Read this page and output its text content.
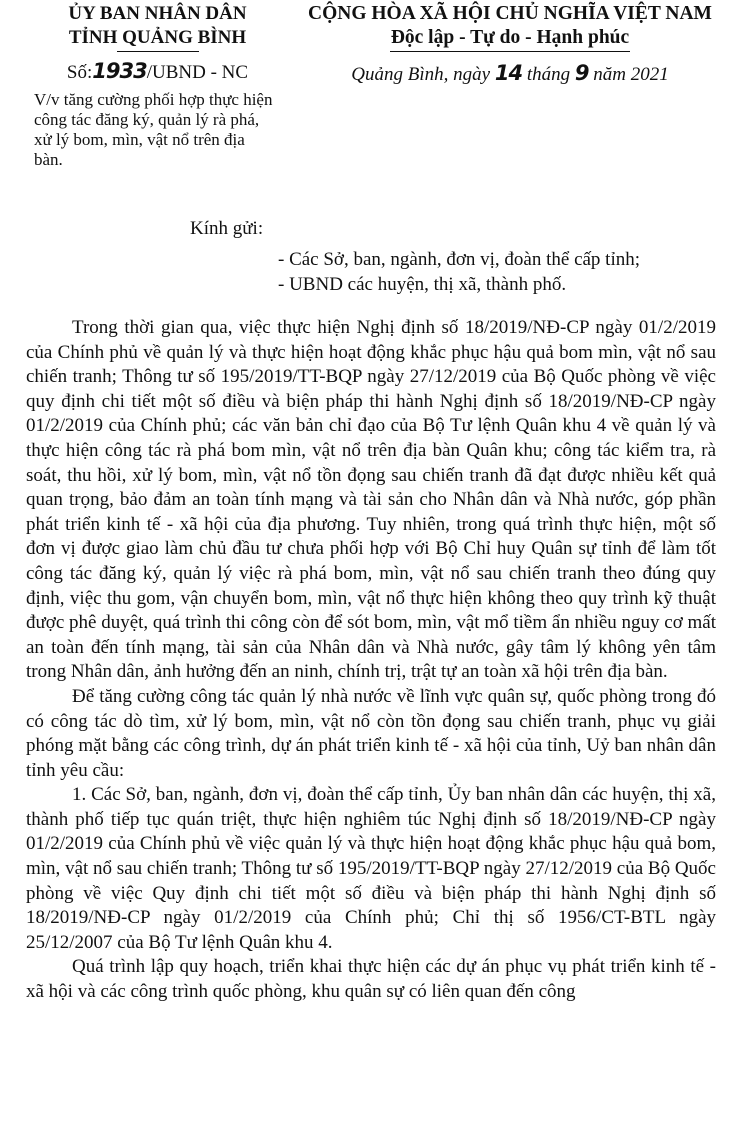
ỦY BAN NHÂN DÂN

TỈNH QUẢNG BÌNH

Số:1933/UBND - NC

V/v tăng cường phối hợp thực hiện công tác đăng ký, quản lý rà phá, xử lý bom, mìn, vật nổ trên địa bàn.

CỘNG HÒA XÃ HỘI CHỦ NGHĨA VIỆT NAM

Độc lập - Tự do - Hạnh phúc

Quảng Bình, ngày 14 tháng 9 năm 2021

Kính gửi:
- Các Sở, ban, ngành, đơn vị, đoàn thể cấp tỉnh;
- UBND các huyện, thị xã, thành phố.

Trong thời gian qua, việc thực hiện Nghị định số 18/2019/NĐ-CP ngày 01/2/2019 của Chính phủ về quản lý và thực hiện hoạt động khắc phục hậu quả bom mìn, vật nổ sau chiến tranh; Thông tư số 195/2019/TT-BQP ngày 27/12/2019 của Bộ Quốc phòng về việc quy định chi tiết một số điều và biện pháp thi hành Nghị định số 18/2019/NĐ-CP ngày 01/2/2019 của Chính phủ; các văn bản chỉ đạo của Bộ Tư lệnh Quân khu 4 về quản lý và thực hiện công tác rà phá bom mìn, vật nổ trên địa bàn Quân khu; công tác kiểm tra, rà soát, thu hồi, xử lý bom, mìn, vật nổ tồn đọng sau chiến tranh đã đạt được nhiều kết quả quan trọng, bảo đảm an toàn tính mạng và tài sản cho Nhân dân và Nhà nước, góp phần phát triển kinh tế - xã hội của địa phương. Tuy nhiên, trong quá trình thực hiện, một số đơn vị được giao làm chủ đầu tư chưa phối hợp với Bộ Chỉ huy Quân sự tỉnh để làm tốt công tác đăng ký, quản lý việc rà phá bom, mìn, vật nổ sau chiến tranh theo đúng quy định, việc thu gom, vận chuyển bom, mìn, vật nổ thực hiện không theo quy trình kỹ thuật được phê duyệt, quá trình thi công còn để sót bom, mìn, vật mổ tiềm ẩn nhiều nguy cơ mất an toàn đến tính mạng, tài sản của Nhân dân và Nhà nước, gây tâm lý không yên tâm trong Nhân dân, ảnh hưởng đến an ninh, chính trị, trật tự an toàn xã hội trên địa bàn.

Để tăng cường công tác quản lý nhà nước về lĩnh vực quân sự, quốc phòng trong đó có công tác dò tìm, xử lý bom, mìn, vật nổ còn tồn đọng sau chiến tranh, phục vụ giải phóng mặt bằng các công trình, dự án phát triển kinh tế - xã hội của tỉnh, Uỷ ban nhân dân tỉnh yêu cầu:

1. Các Sở, ban, ngành, đơn vị, đoàn thể cấp tỉnh, Ủy ban nhân dân các huyện, thị xã, thành phố tiếp tục quán triệt, thực hiện nghiêm túc Nghị định số 18/2019/NĐ-CP ngày 01/2/2019 của Chính phủ về việc quản lý và thực hiện hoạt động khắc phục hậu quả bom, mìn, vật nổ sau chiến tranh; Thông tư số 195/2019/TT-BQP ngày 27/12/2019 của Bộ Quốc phòng về việc Quy định chi tiết một số điều và biện pháp thi hành Nghị định số 18/2019/NĐ-CP ngày 01/2/2019 của Chính phủ; Chỉ thị số 1956/CT-BTL ngày 25/12/2007 của Bộ Tư lệnh Quân khu 4.

Quá trình lập quy hoạch, triển khai thực hiện các dự án phục vụ phát triển kinh tế - xã hội và các công trình quốc phòng, khu quân sự có liên quan đến công
